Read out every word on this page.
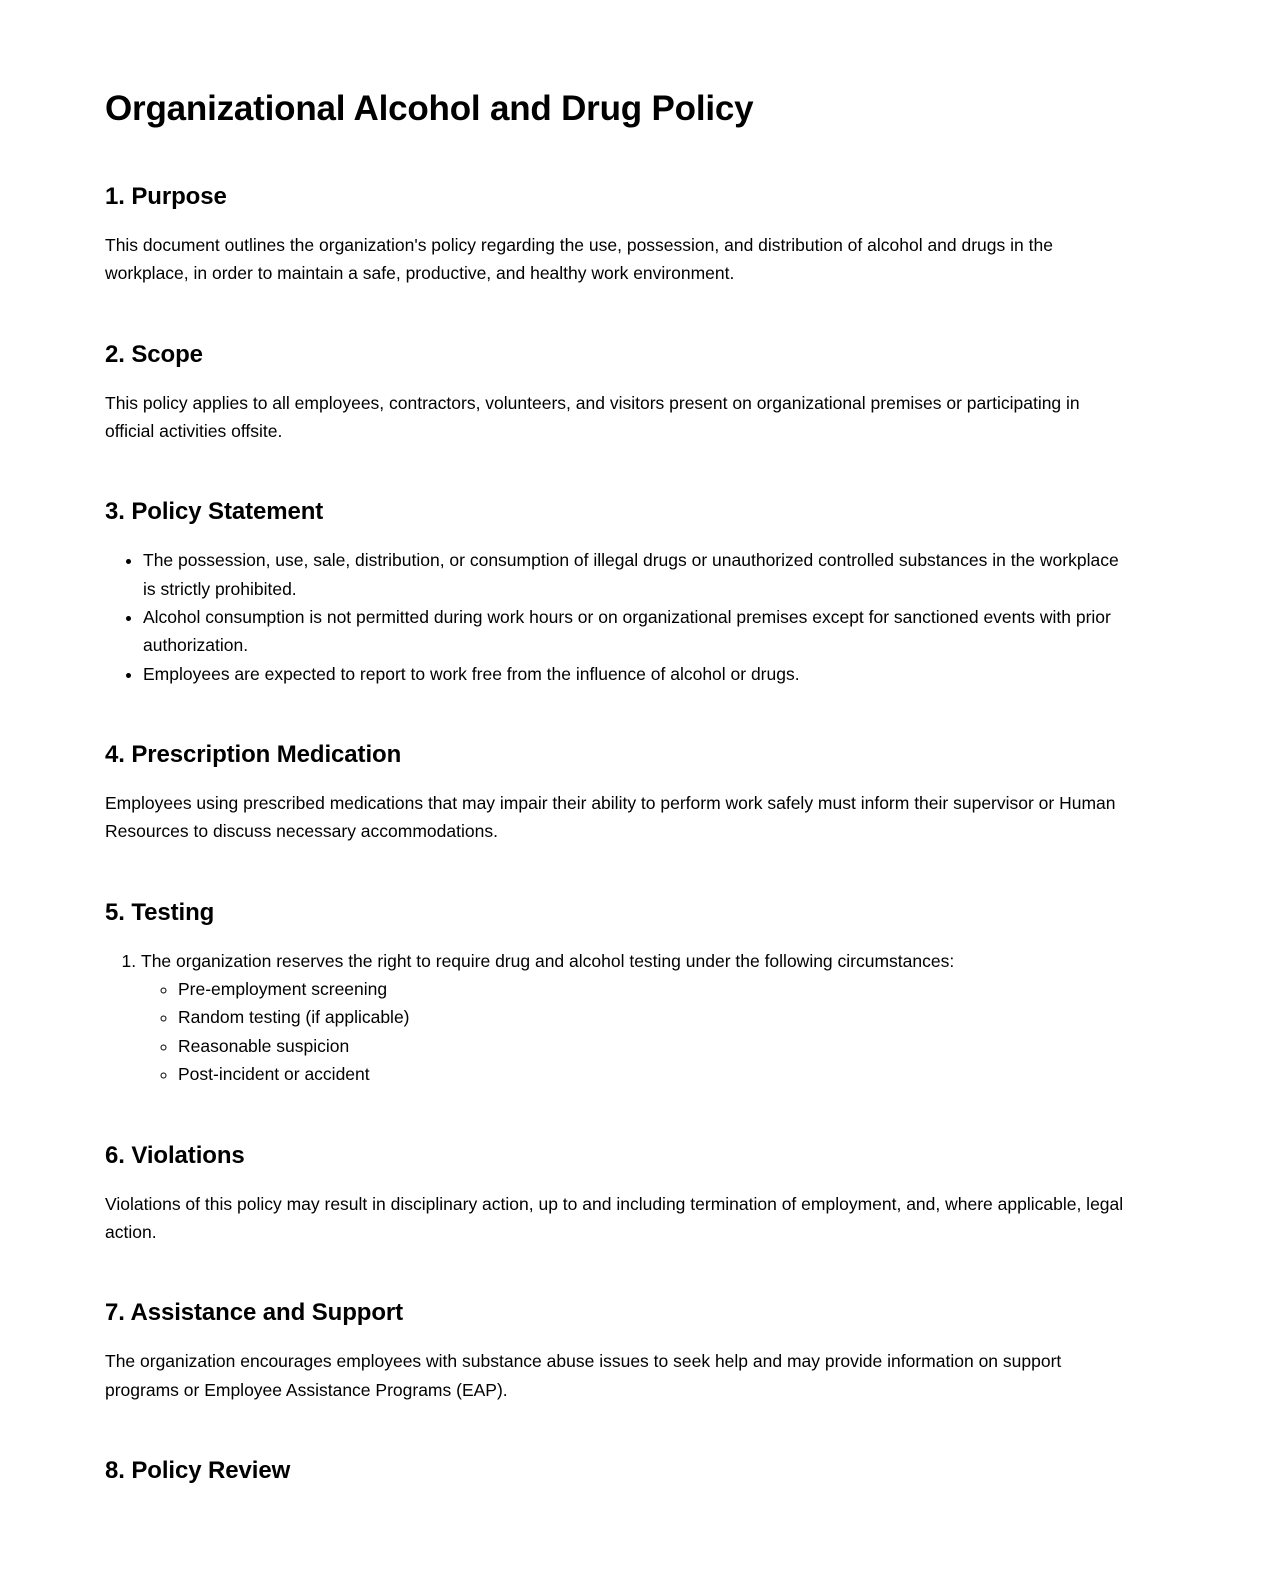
Organizational Alcohol and Drug Policy
1. Purpose

This document outlines the organization's policy regarding the use, possession, and distribution of alcohol and drugs in the workplace, in order to maintain a safe, productive, and healthy work environment.

2. Scope

This policy applies to all employees, contractors, volunteers, and visitors present on organizational premises or participating in official activities offsite.

3. Policy Statement
• The possession, use, sale, distribution, or consumption of illegal drugs or unauthorized controlled substances in the workplace is strictly prohibited.
• Alcohol consumption is not permitted during work hours or on organizational premises except for sanctioned events with prior authorization.
• Employees are expected to report to work free from the influence of alcohol or drugs.
4. Prescription Medication

Employees using prescribed medications that may impair their ability to perform work safely must inform their supervisor or Human Resources to discuss necessary accommodations.

5. Testing
1. The organization reserves the right to require drug and alcohol testing under the following circumstances:
◦ Pre-employment screening
◦ Random testing (if applicable)
◦ Reasonable suspicion
◦ Post-incident or accident
6. Violations

Violations of this policy may result in disciplinary action, up to and including termination of employment, and, where applicable, legal action.

7. Assistance and Support

The organization encourages employees with substance abuse issues to seek help and may provide information on support programs or Employee Assistance Programs (EAP).

8. Policy Review
